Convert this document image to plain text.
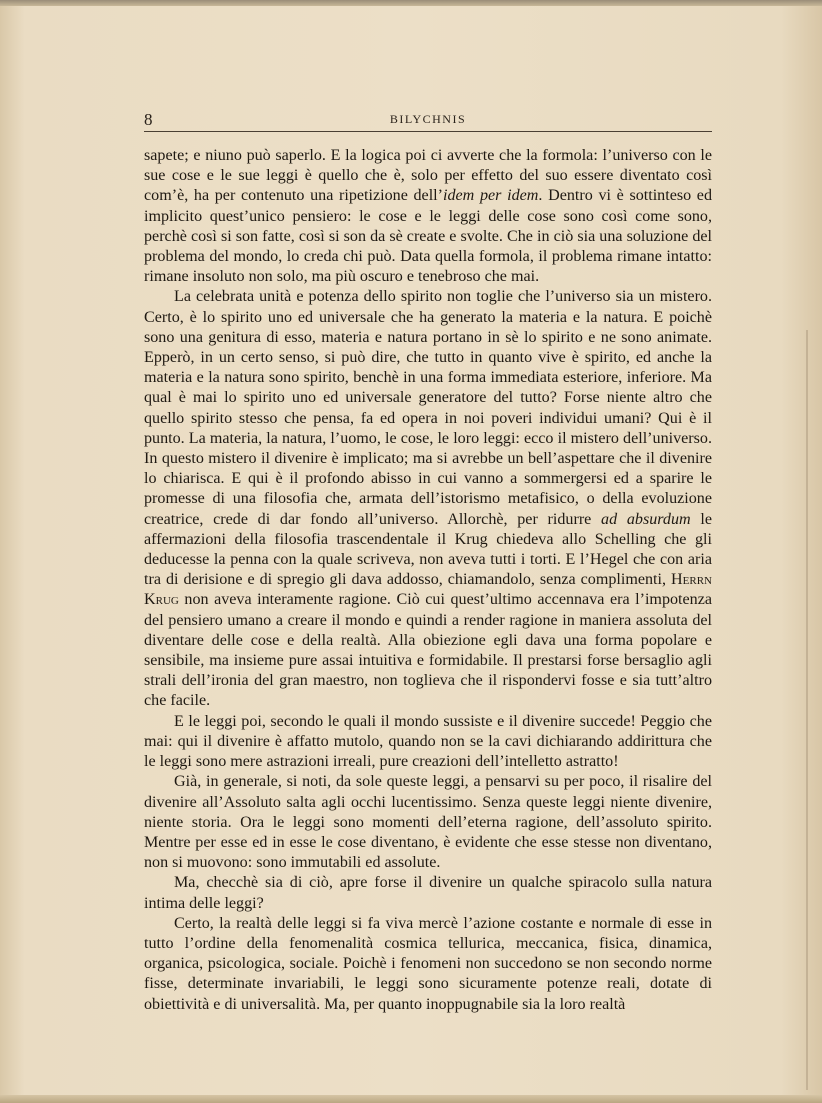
8	BILYCHNIS

sapete; e niuno può saperlo. E la logica poi ci avverte che la formola: l’universo con le sue cose e le sue leggi è quello che è, solo per effetto del suo essere diventato così com’è, ha per contenuto una ripetizione dell’idem per idem. Dentro vi è sottinteso ed implicito quest’unico pensiero: le cose e le leggi delle cose sono così come sono, perchè così si son fatte, così si son da sè create e svolte. Che in ciò sia una soluzione del problema del mondo, lo creda chi può. Data quella formola, il problema rimane intatto: rimane insoluto non solo, ma più oscuro e tenebroso che mai.

La celebrata unità e potenza dello spirito non toglie che l’universo sia un mistero. Certo, è lo spirito uno ed universale che ha generato la materia e la natura. E poichè sono una genitura di esso, materia e natura portano in sè lo spirito e ne sono animate. Epperò, in un certo senso, si può dire, che tutto in quanto vive è spirito, ed anche la materia e la natura sono spirito, benchè in una forma immediata esteriore, inferiore. Ma qual è mai lo spirito uno ed universale generatore del tutto? Forse niente altro che quello spirito stesso che pensa, fa ed opera in noi poveri individui umani? Qui è il punto. La materia, la natura, l’uomo, le cose, le loro leggi: ecco il mistero dell’universo. In questo mistero il divenire è implicato; ma si avrebbe un bell’aspettare che il divenire lo chiarisca. E qui è il profondo abisso in cui vanno a sommergersi ed a sparire le promesse di una filosofia che, armata dell’istorismo metafisico, o della evoluzione creatrice, crede di dar fondo all’universo. Allorchè, per ridurre ad absurdum le affermazioni della filosofia trascendentale il Krug chiedeva allo Schelling che gli deducesse la penna con la quale scriveva, non aveva tutti i torti. E l’Hegel che con aria tra di derisione e di spregio gli dava addosso, chiamandolo, senza complimenti, Herrn Krug non aveva interamente ragione. Ciò cui quest’ultimo accennava era l’impotenza del pensiero umano a creare il mondo e quindi a render ragione in maniera assoluta del diventare delle cose e della realtà. Alla obiezione egli dava una forma popolare e sensibile, ma insieme pure assai intuitiva e formidabile. Il prestarsi forse bersaglio agli strali dell’ironia del gran maestro, non toglieva che il rispondervi fosse e sia tutt’altro che facile.

E le leggi poi, secondo le quali il mondo sussiste e il divenire succede! Peggio che mai: qui il divenire è affatto mutolo, quando non se la cavi dichiarando addirittura che le leggi sono mere astrazioni irreali, pure creazioni dell’intelletto astratto!

Già, in generale, si noti, da sole queste leggi, a pensarvi su per poco, il risalire del divenire all’Assoluto salta agli occhi lucentissimo. Senza queste leggi niente divenire, niente storia. Ora le leggi sono momenti dell’eterna ragione, dell’assoluto spirito. Mentre per esse ed in esse le cose diventano, è evidente che esse stesse non diventano, non si muovono: sono immutabili ed assolute.

Ma, checchè sia di ciò, apre forse il divenire un qualche spiracolo sulla natura intima delle leggi?

Certo, la realtà delle leggi si fa viva mercè l’azione costante e normale di esse in tutto l’ordine della fenomenalità cosmica tellurica, meccanica, fisica, dinamica, organica, psicologica, sociale. Poichè i fenomeni non succedono se non secondo norme fisse, determinate invariabili, le leggi sono sicuramente potenze reali, dotate di obiettività e di universalità. Ma, per quanto inoppugnabile sia la loro realtà
